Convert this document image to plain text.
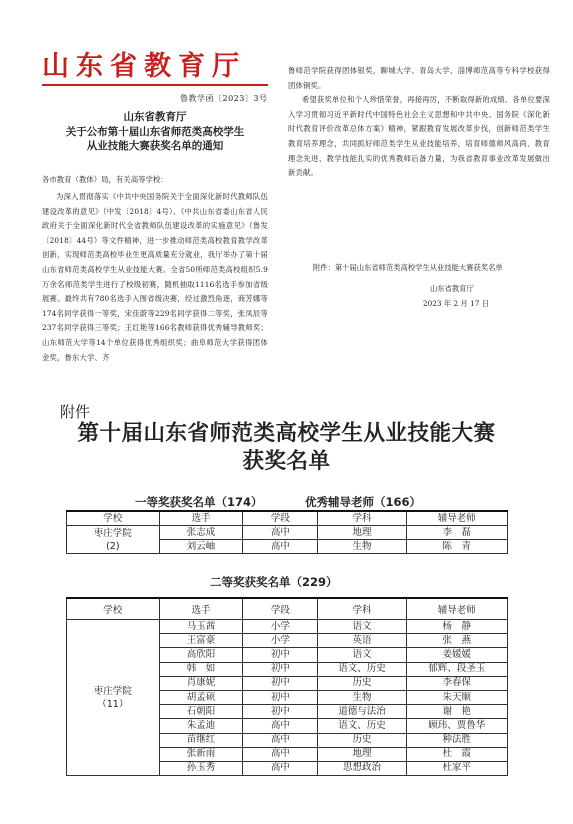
山东省教育厅
鲁教学函〔2023〕3号
山东省教育厅
关于公布第十届山东省师范类高校学生
从业技能大赛获奖名单的通知
各市教育（教体）局，有关高等学校：
为深入贯彻落实《中共中央国务院关于全面深化新时代教师队伍建设改革的意见》（中发〔2018〕4号）、《中共山东省委山东省人民政府关于全面深化新时代全省教师队伍建设改革的实施意见》（鲁发〔2018〕44号）等文件精神，进一步推动师范类高校教育教学改革创新，实现师范类高校毕业生更高质量充分就业，我厅举办了第十届山东省师范类高校学生从业技能大赛。全省50所师范类高校组织5.9万余名师范类学生进行了校级初赛，随机抽取1116名选手参加省级展赛。最终共有780名选手入围省级决赛，经过激烈角逐，商芳娜等174名同学获得一等奖，宋佳蔚等229名同学获得二等奖，张凤辰等237名同学获得三等奖；王红艳等166名教师获得优秀辅导教师奖；山东师范大学等14个单位获得优秀组织奖；曲阜师范大学获得团体金奖，鲁东大学、齐

鲁师范学院获得团体银奖，聊城大学、青岛大学、淄博师范高等专科学校获得团体铜奖。

希望获奖单位和个人珍惜荣誉，再接再厉，不断取得新的成绩。各单位要深入学习贯彻习近平新时代中国特色社会主义思想和中共中央、国务院《深化新时代教育评价改革总体方案》精神，紧跟教育发展改革步伐，创新师范类学生教育培养理念，共同抓好师范类学生从业技能培养，培育师德师风高尚、教育理念先进、教学技能扎实的优秀教师后备力量，为我省教育事业改革发展做出新贡献。

附件：第十届山东省师范类高校学生从业技能大赛获奖名单
山东省教育厅
2023 年 2 月 17 日
附件
第十届山东省师范类高校学生从业技能大赛
获奖名单
一等奖获奖名单（174）	优秀辅导老师（166）
学校	选手	学段	学科	辅导老师

枣庄学院
(2)	张志成	高中	地理	李　磊
	刘云岫	高中	生物	陈　青
二等奖获奖名单（229）
学校	选手	学段	学科	辅导老师

枣庄学院
（11）	马玉茜	小学	语文	杨　静
	王富豪	小学	英语	张　燕
	高欣阳	初中	语文	姜媛媛
	韩　如	初中	语文、历史	郁辉、段圣玉
	肖康妮	初中	历史	李春保
	胡孟硕	初中	生物	朱天顺
	石朝阳	初中	道德与法治	谢　艳
	朱孟迪	高中	语文、历史	顾玮、贾鲁华
	苗继红	高中	历史	种法胜
	张新雨	高中	地理	杜　霞
	孙玉秀	高中	思想政治	杜家平
